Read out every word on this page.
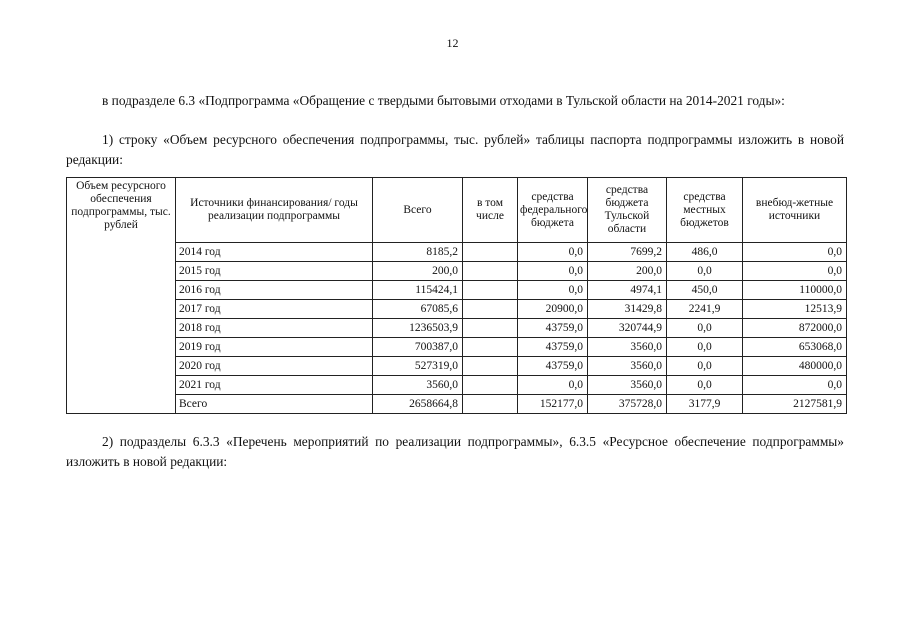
12
в подразделе 6.3 «Подпрограмма «Обращение с твердыми бытовыми отходами в Тульской области на 2014-2021 годы»:
1) строку «Объем ресурсного обеспечения подпрограммы, тыс. рублей» таблицы паспорта подпрограммы изложить в новой редакции:
Объем ресурсного обеспечения подпрограммы, тыс. рублей	Источники финансирования/ годы реализации подпрограммы	Всего	в том числе	средства федерального бюджета	средства бюджета Тульской области	средства местных бюджетов	внебюд-жетные источники
	2014 год	8185,2		0,0	7699,2	486,0	0,0
	2015 год	200,0		0,0	200,0	0,0	0,0
	2016 год	115424,1		0,0	4974,1	450,0	110000,0
	2017 год	67085,6		20900,0	31429,8	2241,9	12513,9
	2018 год	1236503,9		43759,0	320744,9	0,0	872000,0
	2019 год	700387,0		43759,0	3560,0	0,0	653068,0
	2020 год	527319,0		43759,0	3560,0	0,0	480000,0
	2021 год	3560,0		0,0	3560,0	0,0	0,0
	Всего	2658664,8		152177,0	375728,0	3177,9	2127581,9
2) подразделы 6.3.3 «Перечень мероприятий по реализации подпрограммы», 6.3.5 «Ресурсное обеспечение подпрограммы» изложить в новой редакции:
